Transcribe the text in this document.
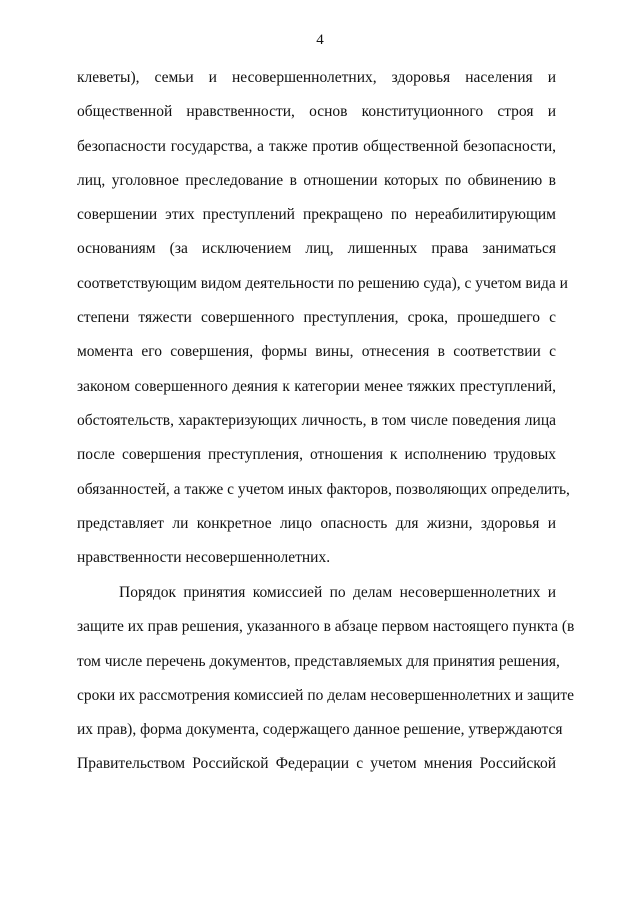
4
клеветы), семьи и несовершеннолетних, здоровья населения и
общественной нравственности, основ конституционного строя и
безопасности государства, а также против общественной безопасности,
лиц, уголовное преследование в отношении которых по обвинению в
совершении этих преступлений прекращено по нереабилитирующим
основаниям (за исключением лиц, лишенных права заниматься
соответствующим видом деятельности по решению суда), с учетом вида и
степени тяжести совершенного преступления, срока, прошедшего с
момента его совершения, формы вины, отнесения в соответствии с
законом совершенного деяния к категории менее тяжких преступлений,
обстоятельств, характеризующих личность, в том числе поведения лица
после совершения преступления, отношения к исполнению трудовых
обязанностей, а также с учетом иных факторов, позволяющих определить,
представляет ли конкретное лицо опасность для жизни, здоровья и
нравственности несовершеннолетних.
Порядок принятия комиссией по делам несовершеннолетних и
защите их прав решения, указанного в абзаце первом настоящего пункта (в
том числе перечень документов, представляемых для принятия решения,
сроки их рассмотрения комиссией по делам несовершеннолетних и защите
их прав), форма документа, содержащего данное решение, утверждаются
Правительством Российской Федерации с учетом мнения Российской
